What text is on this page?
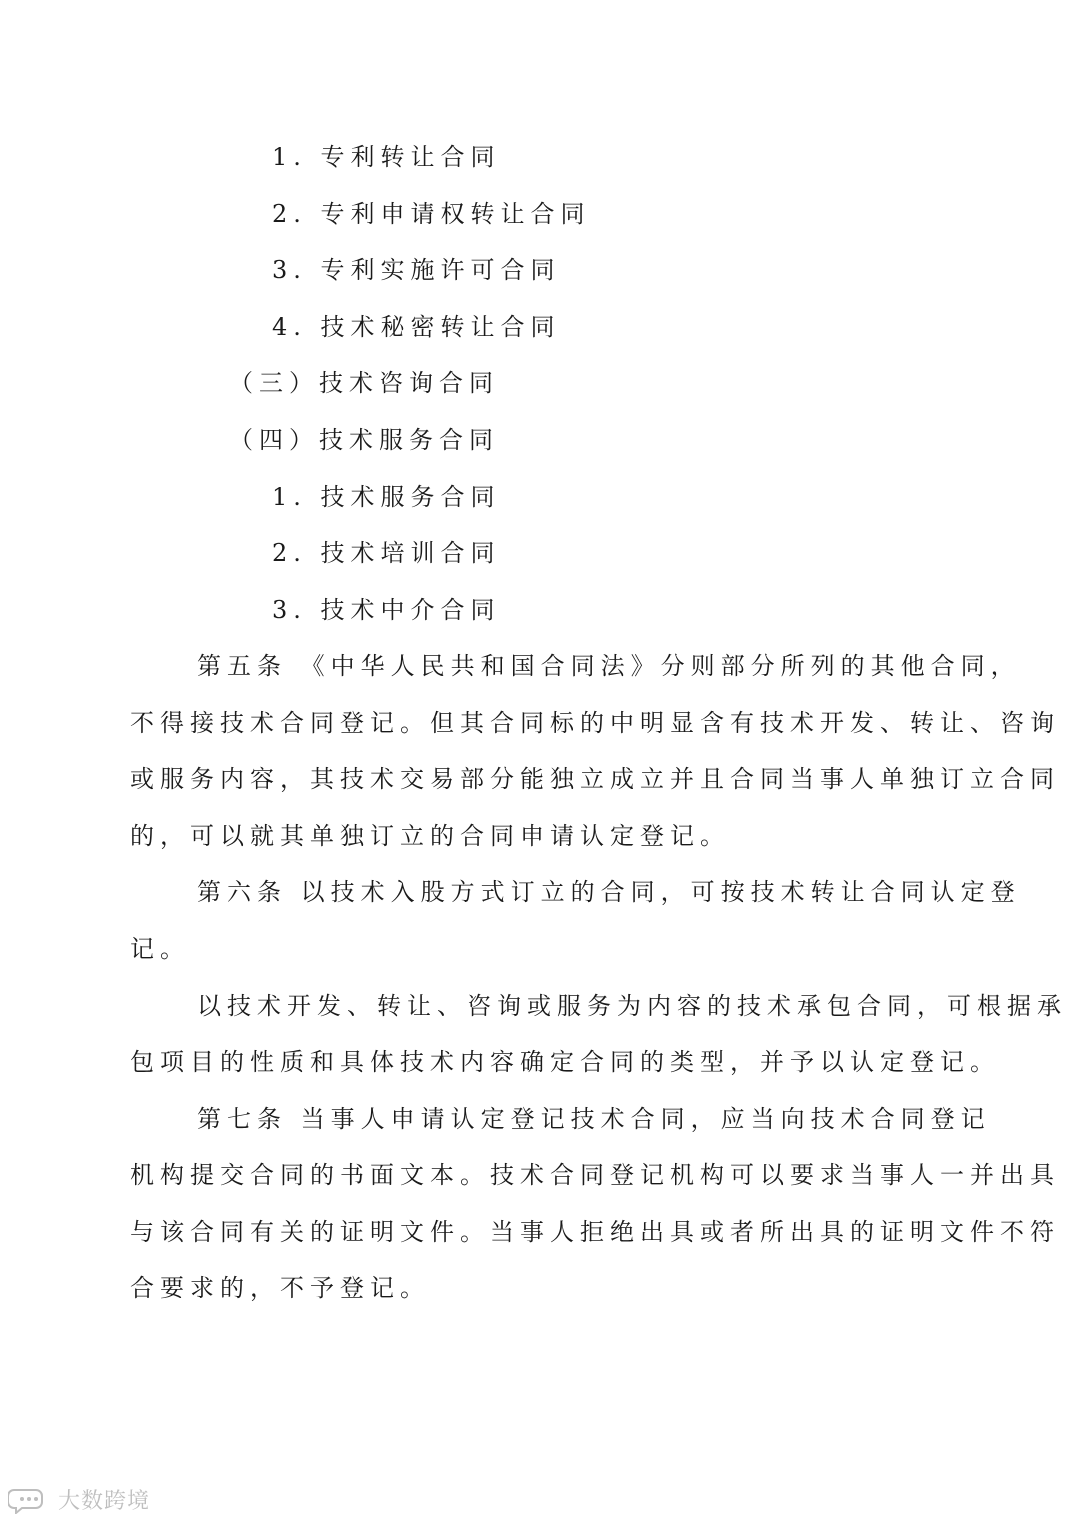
1. 专利转让合同
2. 专利申请权转让合同
3. 专利实施许可合同
4. 技术秘密转让合同
（三）技术咨询合同
（四）技术服务合同
1. 技术服务合同
2. 技术培训合同
3. 技术中介合同
第五条 《中华人民共和国合同法》分则部分所列的其他合同，
不得接技术合同登记。但其合同标的中明显含有技术开发、转让、咨询
或服务内容，其技术交易部分能独立成立并且合同当事人单独订立合同
的，可以就其单独订立的合同申请认定登记。
第六条 以技术入股方式订立的合同，可按技术转让合同认定登
记。
以技术开发、转让、咨询或服务为内容的技术承包合同，可根据承
包项目的性质和具体技术内容确定合同的类型，并予以认定登记。
第七条 当事人申请认定登记技术合同，应当向技术合同登记
机构提交合同的书面文本。技术合同登记机构可以要求当事人一并出具
与该合同有关的证明文件。当事人拒绝出具或者所出具的证明文件不符
合要求的，不予登记。
大数跨境
